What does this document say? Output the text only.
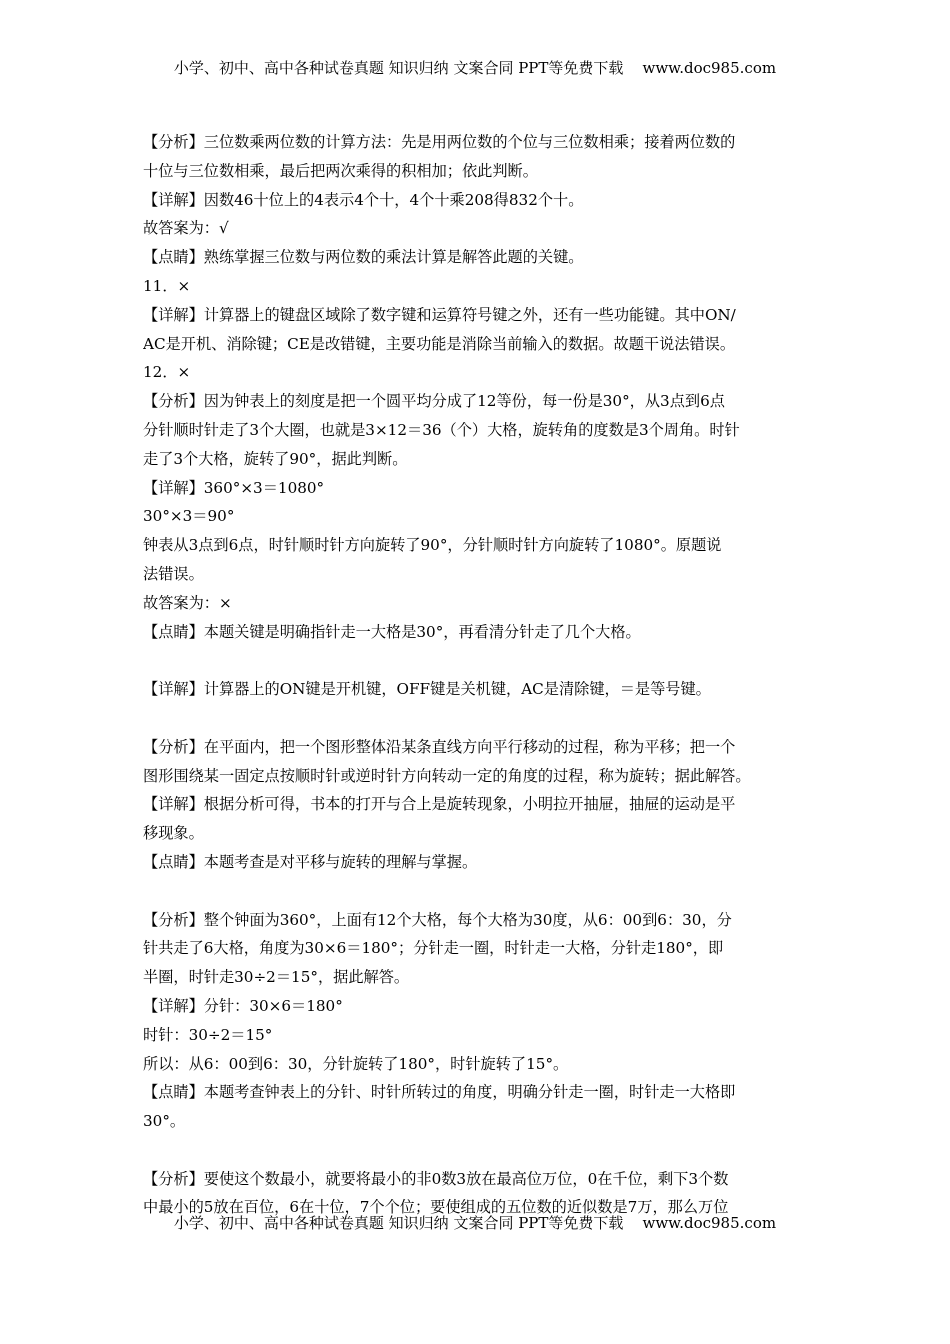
小学、初中、高中各种试卷真题 知识归纳 文案合同 PPT等免费下载    www.doc985.com
【分析】三位数乘两位数的计算方法：先是用两位数的个位与三位数相乘；接着两位数的
十位与三位数相乘，最后把两次乘得的积相加；依此判断。
【详解】因数46十位上的4表示4个十，4个十乘208得832个十。
故答案为：√
【点睛】熟练掌握三位数与两位数的乘法计算是解答此题的关键。
11．×
【详解】计算器上的键盘区域除了数字键和运算符号键之外，还有一些功能键。其中ON/
AC是开机、消除键；CE是改错键，主要功能是消除当前输入的数据。故题干说法错误。
12．×
【分析】因为钟表上的刻度是把一个圆平均分成了12等份，每一份是30°，从3点到6点
分针顺时针走了3个大圈，也就是3×12＝36（个）大格，旋转角的度数是3个周角。时针
走了3个大格，旋转了90°，据此判断。
【详解】360°×3＝1080°
30°×3＝90°
钟表从3点到6点，时针顺时针方向旋转了90°，分针顺时针方向旋转了1080°。原题说
法错误。
故答案为：×
【点睛】本题关键是明确指针走一大格是30°，再看清分针走了几个大格。

【详解】计算器上的ON键是开机键，OFF键是关机键，AC是清除键，＝是等号键。

【分析】在平面内，把一个图形整体沿某条直线方向平行移动的过程，称为平移；把一个
图形围绕某一固定点按顺时针或逆时针方向转动一定的角度的过程，称为旋转；据此解答。
【详解】根据分析可得，书本的打开与合上是旋转现象，小明拉开抽屉，抽屉的运动是平
移现象。
【点睛】本题考查是对平移与旋转的理解与掌握。

【分析】整个钟面为360°，上面有12个大格，每个大格为30度，从6：00到6：30，分
针共走了6大格，角度为30×6＝180°；分针走一圈，时针走一大格，分针走180°，即
半圈，时针走30÷2＝15°，据此解答。
【详解】分针：30×6＝180°
时针：30÷2＝15°
所以：从6：00到6：30，分针旋转了180°，时针旋转了15°。
【点睛】本题考查钟表上的分针、时针所转过的角度，明确分针走一圈，时针走一大格即
30°。

【分析】要使这个数最小，就要将最小的非0数3放在最高位万位，0在千位，剩下3个数
中最小的5放在百位，6在十位，7个个位；要使组成的五位数的近似数是7万，那么万位
小学、初中、高中各种试卷真题 知识归纳 文案合同 PPT等免费下载    www.doc985.com
